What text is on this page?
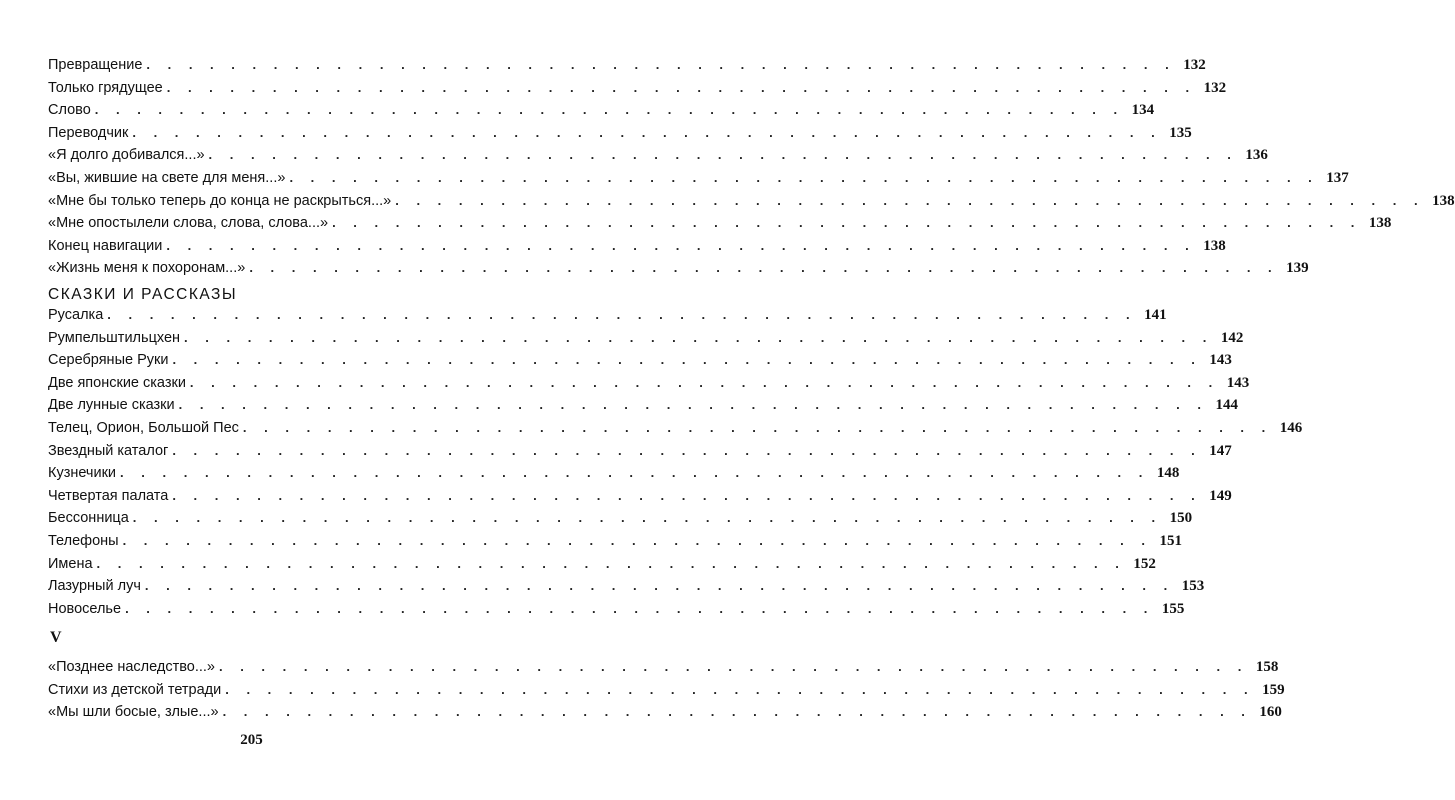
Превращение . . . . . . . . . . . . . . . . . . . . . . . . . . . . . . . . . . . . . . . . . . . . . . . . . 132
Только грядущее . . . . . . . . . . . . . . . . . . . . . . . . . . . . . . . . . . . . . . . . . . . . . . . . . 132
Слово . . . . . . . . . . . . . . . . . . . . . . . . . . . . . . . . . . . . . . . . . . . . . . . . . 134
Переводчик . . . . . . . . . . . . . . . . . . . . . . . . . . . . . . . . . . . . . . . . . . . . . . . . . 135
«Я долго добивался...» . . . . . . . . . . . . . . . . . . . . . . . . . . . . . . . . . . . . . . . . . . . . . . . . . 136
«Вы, жившие на свете для меня...» . . . . . . . . . . . . . . . . . . . . . . . . . . . . . . . . . . . . . . . . . . . . . . . . . 137
«Мне бы только теперь до конца не раскрыться...» . . . . . . . . . . . . . . . . . . . . . . . . . . . . . . . . . . . . . . . . . . . . . . . . . 138
«Мне опостылели слова, слова, слова...» . . . . . . . . . . . . . . . . . . . . . . . . . . . . . . . . . . . . . . . . . . . . . . . . . 138
Конец навигации . . . . . . . . . . . . . . . . . . . . . . . . . . . . . . . . . . . . . . . . . . . . . . . . . 138
«Жизнь меня к похоронам...» . . . . . . . . . . . . . . . . . . . . . . . . . . . . . . . . . . . . . . . . . . . . . . . . . 139
СКАЗКИ И РАССКАЗЫ
Русалка . . . . . . . . . . . . . . . . . . . . . . . . . . . . . . . . . . . . . . . . . . . . . . . . . 141
Румпельштильцхен . . . . . . . . . . . . . . . . . . . . . . . . . . . . . . . . . . . . . . . . . . . . . . . . . 142
Серебряные Руки . . . . . . . . . . . . . . . . . . . . . . . . . . . . . . . . . . . . . . . . . . . . . . . . . 143
Две японские сказки . . . . . . . . . . . . . . . . . . . . . . . . . . . . . . . . . . . . . . . . . . . . . . . . . 143
Две лунные сказки . . . . . . . . . . . . . . . . . . . . . . . . . . . . . . . . . . . . . . . . . . . . . . . . . 144
Телец, Орион, Большой Пес . . . . . . . . . . . . . . . . . . . . . . . . . . . . . . . . . . . . . . . . . . . . . . . . . 146
Звездный каталог . . . . . . . . . . . . . . . . . . . . . . . . . . . . . . . . . . . . . . . . . . . . . . . . . 147
Кузнечики . . . . . . . . . . . . . . . . . . . . . . . . . . . . . . . . . . . . . . . . . . . . . . . . . 148
Четвертая палата . . . . . . . . . . . . . . . . . . . . . . . . . . . . . . . . . . . . . . . . . . . . . . . . . 149
Бессонница . . . . . . . . . . . . . . . . . . . . . . . . . . . . . . . . . . . . . . . . . . . . . . . . . 150
Телефоны . . . . . . . . . . . . . . . . . . . . . . . . . . . . . . . . . . . . . . . . . . . . . . . . . 151
Имена . . . . . . . . . . . . . . . . . . . . . . . . . . . . . . . . . . . . . . . . . . . . . . . . . 152
Лазурный луч . . . . . . . . . . . . . . . . . . . . . . . . . . . . . . . . . . . . . . . . . . . . . . . . . 153
Новоселье . . . . . . . . . . . . . . . . . . . . . . . . . . . . . . . . . . . . . . . . . . . . . . . . . 155
V
«Позднее наследство...» . . . . . . . . . . . . . . . . . . . . . . . . . . . . . . . . . . . . . . . . . . . . . . . . . 158
Стихи из детской тетради . . . . . . . . . . . . . . . . . . . . . . . . . . . . . . . . . . . . . . . . . . . . . . . . . 159
«Мы шли босые, злые...» . . . . . . . . . . . . . . . . . . . . . . . . . . . . . . . . . . . . . . . . . . . . . . . . . 160
205
